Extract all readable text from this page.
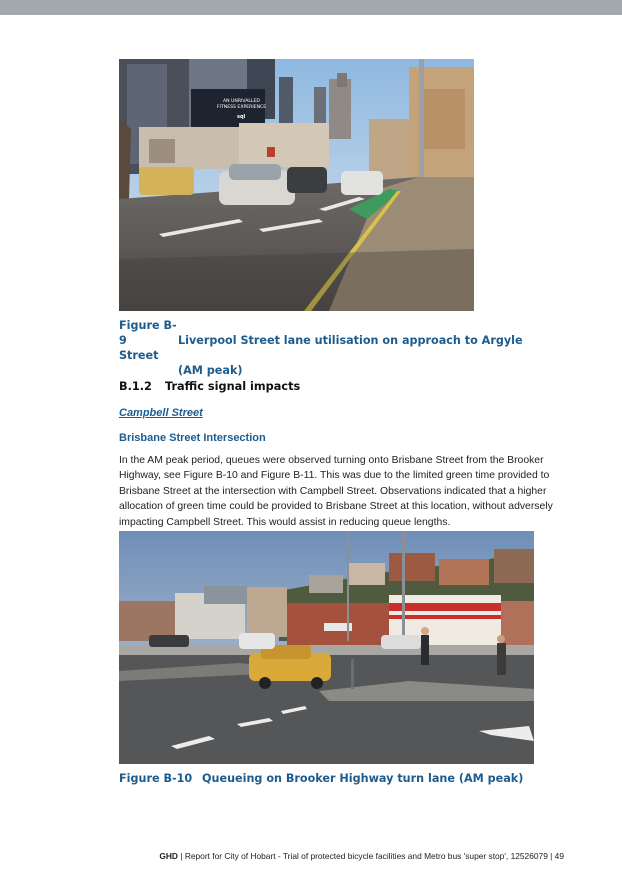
AN UNRIVALLED
FITNESS EXPERIENCE
sql
Figure B-9	Liverpool Street lane utilisation on approach to Argyle Street
(AM peak)
B.1.2 Traffic signal impacts
Campbell Street
Brisbane Street Intersection

In the AM peak period, queues were observed turning onto Brisbane Street from the Brooker Highway, see Figure B-10 and Figure B-11. This was due to the limited green time provided to Brisbane Street at the intersection with Campbell Street. Observations indicated that a higher allocation of green time could be provided to Brisbane Street at this location, without adversely impacting Campbell Street. This would assist in reducing queue lengths.

Figure B-10 Queueing on Brooker Highway turn lane (AM peak)
GHD | Report for City of Hobart - Trial of protected bicycle facilities and Metro bus 'super stop', 12526079 | 49
